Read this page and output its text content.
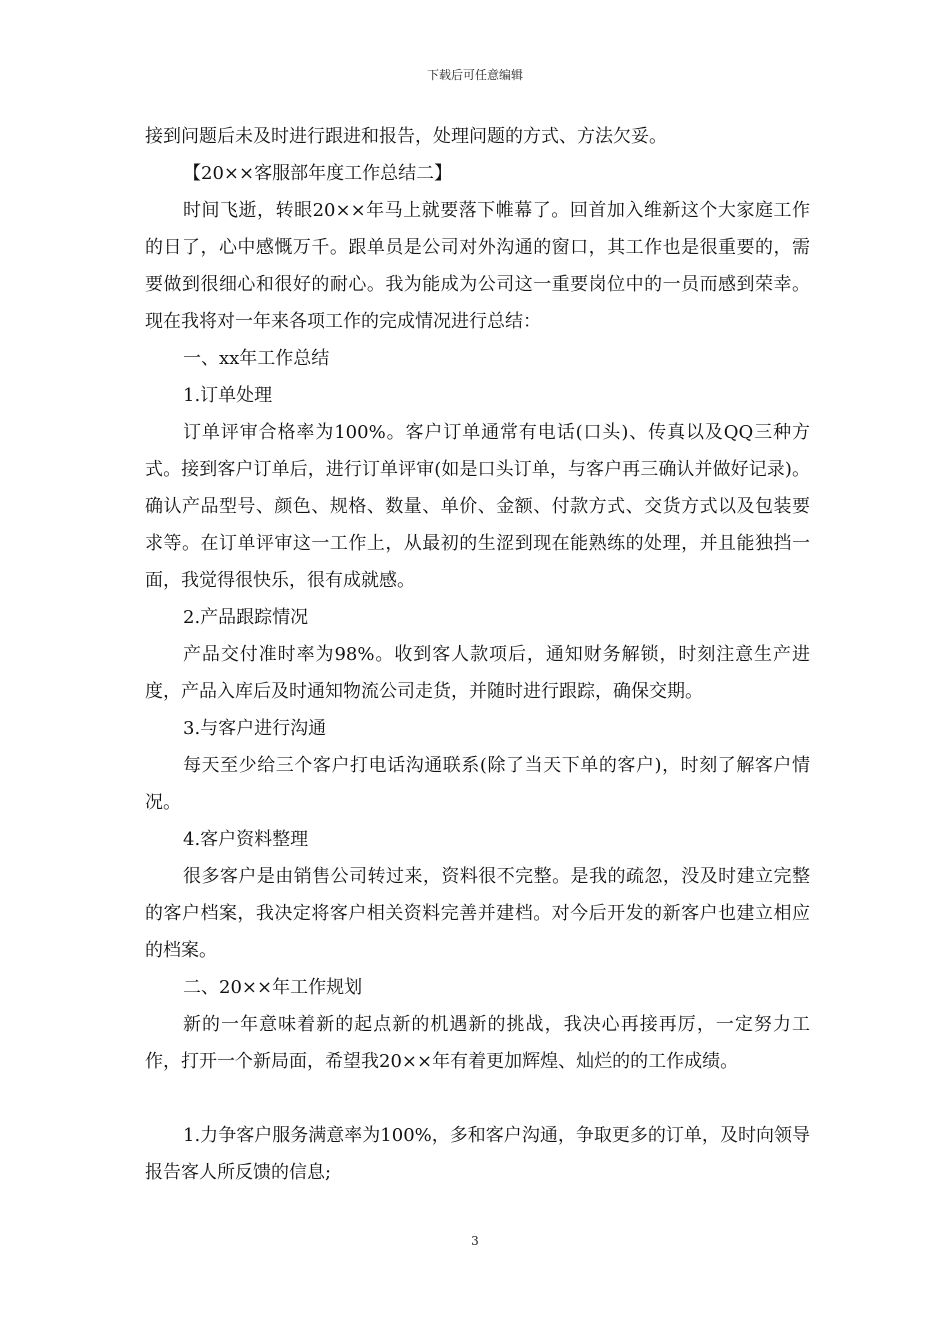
下载后可任意编辑

接到问题后未及时进行跟进和报告，处理问题的方式、方法欠妥。

【20××客服部年度工作总结二】

时间飞逝，转眼20××年马上就要落下帷幕了。回首加入维新这个大家庭工作的日了，心中感慨万千。跟单员是公司对外沟通的窗口，其工作也是很重要的，需要做到很细心和很好的耐心。我为能成为公司这一重要岗位中的一员而感到荣幸。现在我将对一年来各项工作的完成情况进行总结：

一、xx年工作总结

1.订单处理

订单评审合格率为100%。客户订单通常有电话(口头)、传真以及QQ三种方式。接到客户订单后，进行订单评审(如是口头订单，与客户再三确认并做好记录)。确认产品型号、颜色、规格、数量、单价、金额、付款方式、交货方式以及包装要求等。在订单评审这一工作上，从最初的生涩到现在能熟练的处理，并且能独挡一面，我觉得很快乐，很有成就感。

2.产品跟踪情况

产品交付准时率为98%。收到客人款项后，通知财务解锁，时刻注意生产进度，产品入库后及时通知物流公司走货，并随时进行跟踪，确保交期。

3.与客户进行沟通

每天至少给三个客户打电话沟通联系(除了当天下单的客户)，时刻了解客户情况。

4.客户资料整理

很多客户是由销售公司转过来，资料很不完整。是我的疏忽，没及时建立完整的客户档案，我决定将客户相关资料完善并建档。对今后开发的新客户也建立相应的档案。

二、20××年工作规划

新的一年意味着新的起点新的机遇新的挑战，我决心再接再厉，一定努力工作，打开一个新局面，希望我20××年有着更加辉煌、灿烂的的工作成绩。

1.力争客户服务满意率为100%，多和客户沟通，争取更多的订单，及时向领导报告客人所反馈的信息;

3
